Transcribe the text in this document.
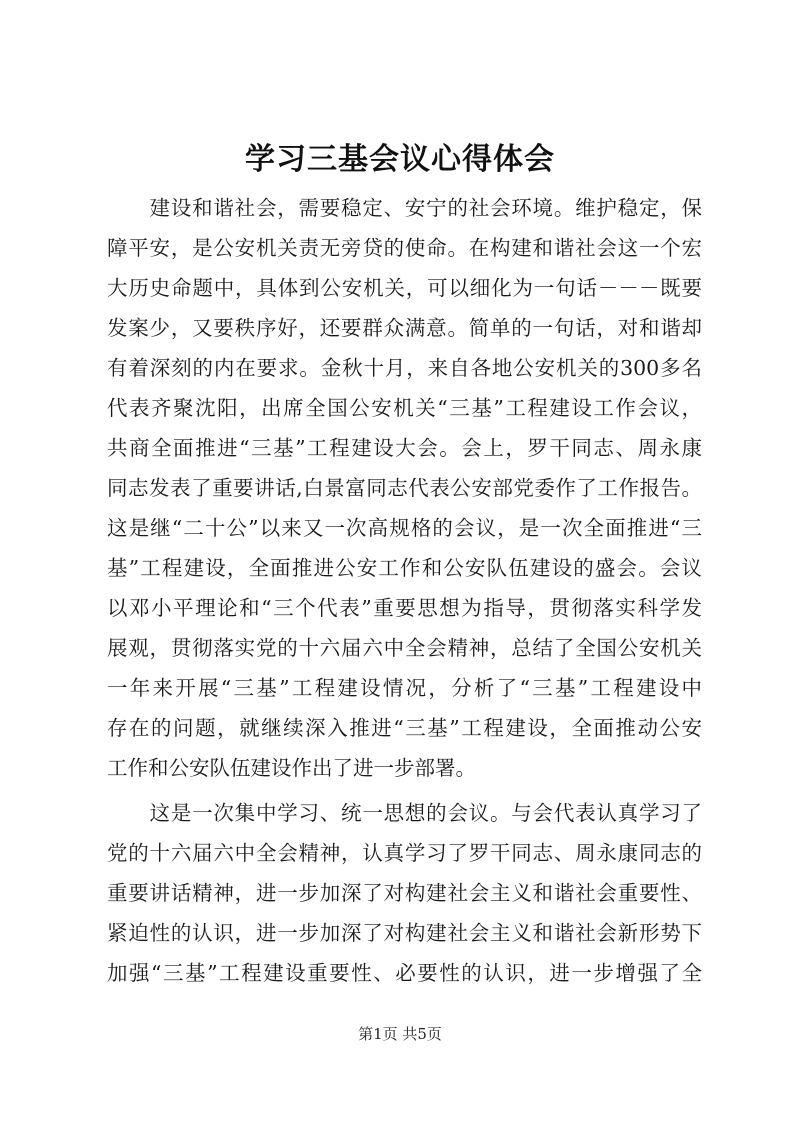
学习三基会议心得体会
　　建设和谐社会，需要稳定、安宁的社会环境。维护稳定，保
障平安，是公安机关责无旁贷的使命。在构建和谐社会这一个宏
大历史命题中，具体到公安机关，可以细化为一句话－－－既要
发案少，又要秩序好，还要群众满意。简单的一句话，对和谐却
有着深刻的内在要求。金秋十月，来自各地公安机关的300多名
代表齐聚沈阳，出席全国公安机关“三基”工程建设工作会议，
共商全面推进“三基”工程建设大会。会上，罗干同志、周永康
同志发表了重要讲话,白景富同志代表公安部党委作了工作报告。
这是继“二十公”以来又一次高规格的会议，是一次全面推进“三
基”工程建设，全面推进公安工作和公安队伍建设的盛会。会议
以邓小平理论和“三个代表”重要思想为指导，贯彻落实科学发
展观，贯彻落实党的十六届六中全会精神，总结了全国公安机关
一年来开展“三基”工程建设情况，分析了“三基”工程建设中
存在的问题，就继续深入推进“三基”工程建设，全面推动公安
工作和公安队伍建设作出了进一步部署。
　　这是一次集中学习、统一思想的会议。与会代表认真学习了
党的十六届六中全会精神，认真学习了罗干同志、周永康同志的
重要讲话精神，进一步加深了对构建社会主义和谐社会重要性、
紧迫性的认识，进一步加深了对构建社会主义和谐社会新形势下
加强“三基”工程建设重要性、必要性的认识，进一步增强了全
第1页 共5页
